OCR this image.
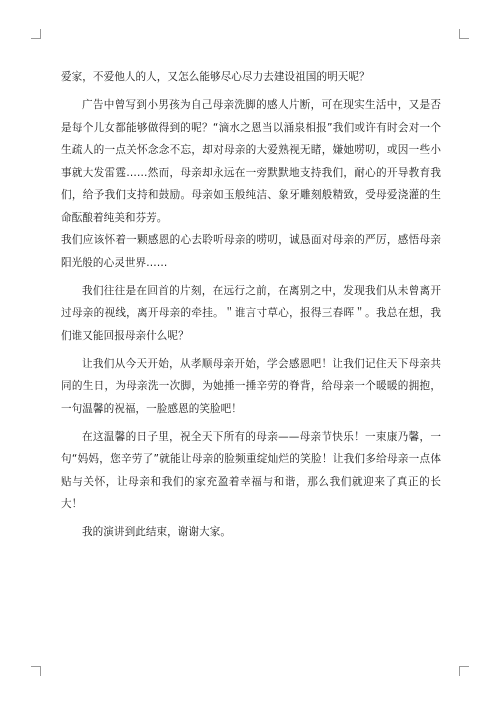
爱家，不爱他人的人，又怎么能够尽心尽力去建设祖国的明天呢？

广告中曾写到小男孩为自己母亲洗脚的感人片断，可在现实生活中，又是否是每个儿女都能够做得到的呢？“滴水之恩当以涌泉相报”我们或许有时会对一个生疏人的一点关怀念念不忘，却对母亲的大爱熟视无睹，嫌她唠叨，或因一些小事就大发雷霆……然而，母亲却永远在一旁默默地支持我们，耐心的开导教育我们，给予我们支持和鼓励。母亲如玉般纯洁、象牙雕刻般精致，受母爱浇灌的生命酝酿着纯美和芬芳。

我们应该怀着一颗感恩的心去聆听母亲的唠叨，诚恳面对母亲的严厉，感悟母亲阳光般的心灵世界……

我们往往是在回首的片刻，在远行之前，在离别之中，发现我们从未曾离开过母亲的视线，离开母亲的牵挂。＂谁言寸草心，报得三春晖＂。我总在想，我们谁又能回报母亲什么呢？

让我们从今天开始，从孝顺母亲开始，学会感恩吧！让我们记住天下母亲共同的生日，为母亲洗一次脚，为她捶一捶辛劳的脊背，给母亲一个暖暖的拥抱，一句温馨的祝福，一脸感恩的笑脸吧！

在这温馨的日子里，祝全天下所有的母亲——母亲节快乐！一束康乃馨，一句“妈妈，您辛劳了”就能让母亲的脸频重绽灿烂的笑脸！让我们多给母亲一点体贴与关怀，让母亲和我们的家充盈着幸福与和谐，那么我们就迎来了真正的长大！

我的演讲到此结束，谢谢大家。
